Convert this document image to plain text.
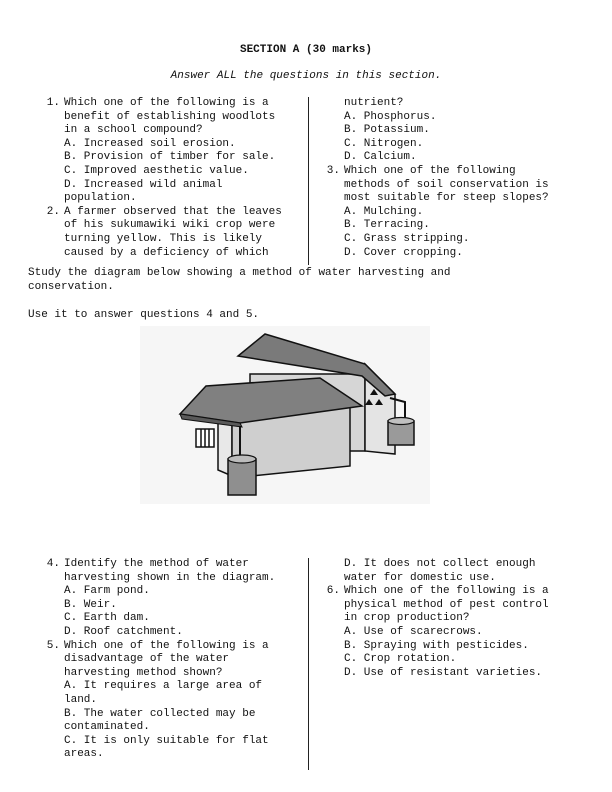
SECTION A (30 marks)
Answer ALL the questions in this section.
1. Which one of the following is a
benefit of establishing woodlots
in a school compound?
A. Increased soil erosion.
B. Provision of timber for sale.
C. Improved aesthetic value.
D. Increased wild animal
population.
2. A farmer observed that the leaves
of his sukumawiki wiki crop were
turning yellow. This is likely
caused by a deficiency of which
nutrient?
A. Phosphorus.
B. Potassium.
C. Nitrogen.
D. Calcium.
3. Which one of the following
methods of soil conservation is
most suitable for steep slopes?
A. Mulching.
B. Terracing.
C. Grass stripping.
D. Cover cropping.
Study the diagram below showing a method of water harvesting and
conservation.
Use it to answer questions 4 and 5.
4. Identify the method of water
harvesting shown in the diagram.
A. Farm pond.
B. Weir.
C. Earth dam.
D. Roof catchment.
5. Which one of the following is a
disadvantage of the water
harvesting method shown?
A. It requires a large area of
land.
B. The water collected may be
contaminated.
C. It is only suitable for flat
areas.
D. It does not collect enough
water for domestic use.
6. Which one of the following is a
physical method of pest control
in crop production?
A. Use of scarecrows.
B. Spraying with pesticides.
C. Crop rotation.
D. Use of resistant varieties.
